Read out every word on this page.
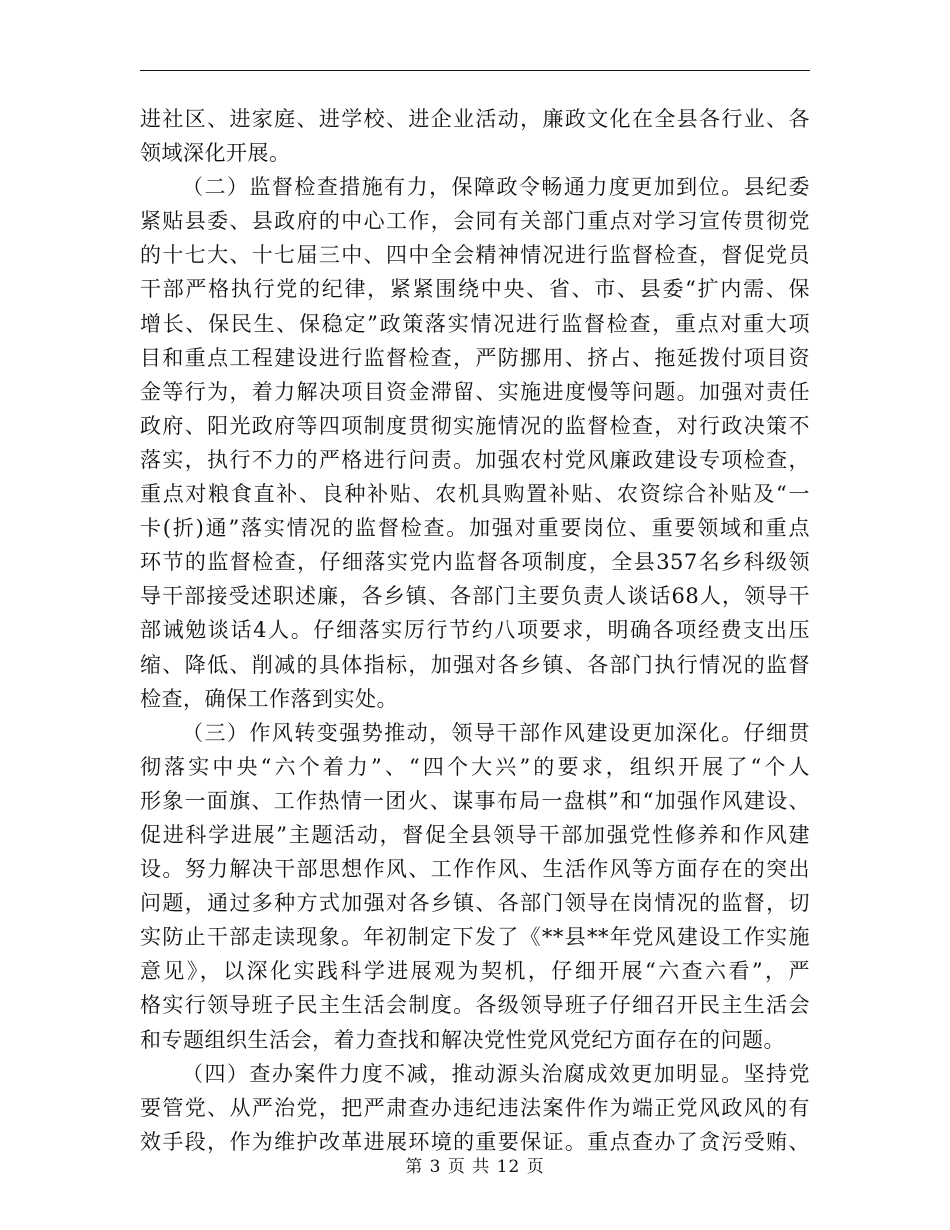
进社区、进家庭、进学校、进企业活动，廉政文化在全县各行业、各
领域深化开展。
（二）监督检查措施有力，保障政令畅通力度更加到位。县纪委
紧贴县委、县政府的中心工作，会同有关部门重点对学习宣传贯彻党
的十七大、十七届三中、四中全会精神情况进行监督检查，督促党员
干部严格执行党的纪律，紧紧围绕中央、省、市、县委“扩内需、保
增长、保民生、保稳定”政策落实情况进行监督检查，重点对重大项
目和重点工程建设进行监督检查，严防挪用、挤占、拖延拨付项目资
金等行为，着力解决项目资金滞留、实施进度慢等问题。加强对责任
政府、阳光政府等四项制度贯彻实施情况的监督检查，对行政决策不
落实，执行不力的严格进行问责。加强农村党风廉政建设专项检查，
重点对粮食直补、良种补贴、农机具购置补贴、农资综合补贴及“一
卡(折)通”落实情况的监督检查。加强对重要岗位、重要领域和重点
环节的监督检查，仔细落实党内监督各项制度，全县357名乡科级领
导干部接受述职述廉，各乡镇、各部门主要负责人谈话68人，领导干
部诫勉谈话4人。仔细落实厉行节约八项要求，明确各项经费支出压
缩、降低、削减的具体指标，加强对各乡镇、各部门执行情况的监督
检查，确保工作落到实处。
（三）作风转变强势推动，领导干部作风建设更加深化。仔细贯
彻落实中央“六个着力”、“四个大兴”的要求，组织开展了“个人
形象一面旗、工作热情一团火、谋事布局一盘棋”和“加强作风建设、
促进科学进展”主题活动，督促全县领导干部加强党性修养和作风建
设。努力解决干部思想作风、工作作风、生活作风等方面存在的突出
问题，通过多种方式加强对各乡镇、各部门领导在岗情况的监督，切
实防止干部走读现象。年初制定下发了《**县**年党风建设工作实施
意见》，以深化实践科学进展观为契机，仔细开展“六查六看”，严
格实行领导班子民主生活会制度。各级领导班子仔细召开民主生活会
和专题组织生活会，着力查找和解决党性党风党纪方面存在的问题。
（四）查办案件力度不减，推动源头治腐成效更加明显。坚持党
要管党、从严治党，把严肃查办违纪违法案件作为端正党风政风的有
效手段，作为维护改革进展环境的重要保证。重点查办了贪污受贿、
第 3 页 共 12 页
